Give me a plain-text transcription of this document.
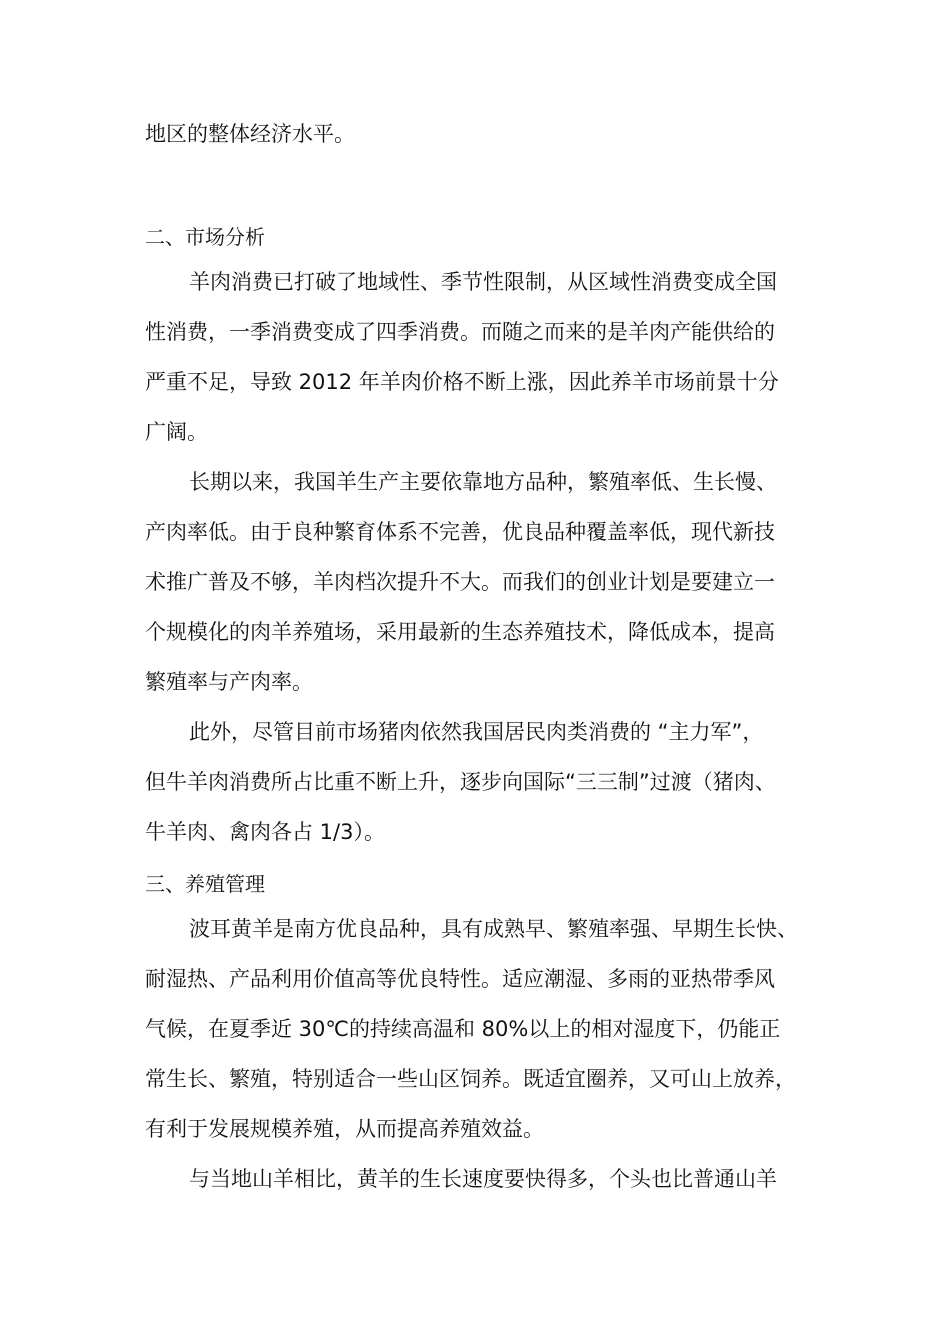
地区的整体经济水平。
二、市场分析
羊肉消费已打破了地域性、季节性限制，从区域性消费变成全国
性消费，一季消费变成了四季消费。而随之而来的是羊肉产能供给的
严重不足，导致 2012 年羊肉价格不断上涨，因此养羊市场前景十分
广阔。
长期以来，我国羊生产主要依靠地方品种，繁殖率低、生长慢、
产肉率低。由于良种繁育体系不完善，优良品种覆盖率低，现代新技
术推广普及不够，羊肉档次提升不大。而我们的创业计划是要建立一
个规模化的肉羊养殖场，采用最新的生态养殖技术，降低成本，提高
繁殖率与产肉率。
此外，尽管目前市场猪肉依然我国居民肉类消费的 “主力军”，
但牛羊肉消费所占比重不断上升，逐步向国际“三三制”过渡（猪肉、
牛羊肉、禽肉各占 1/3）。
三、养殖管理
波耳黄羊是南方优良品种，具有成熟早、繁殖率强、早期生长快、
耐湿热、产品利用价值高等优良特性。适应潮湿、多雨的亚热带季风
气候，在夏季近 30℃的持续高温和 80%以上的相对湿度下，仍能正
常生长、繁殖，特别适合一些山区饲养。既适宜圈养，又可山上放养，
有利于发展规模养殖，从而提高养殖效益。
与当地山羊相比，黄羊的生长速度要快得多，个头也比普通山羊
